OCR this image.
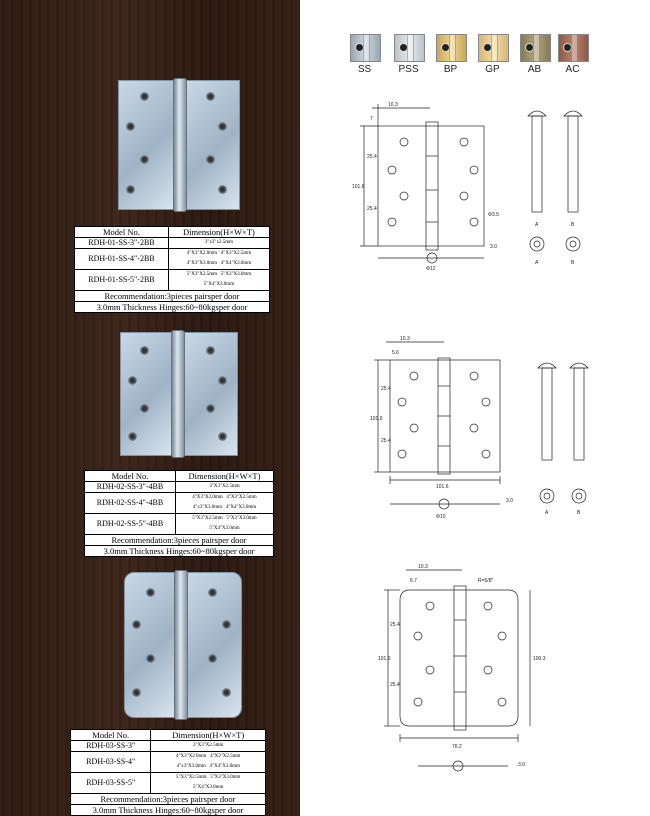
Model No.	Dimension(H×W×T)
RDH-01-SS-3"-2BB	3"x3"x2.5mm
RDH-01-SS-4"-2BB	4"X3"X2.0mm 4"X3"X2.5mm
4"X3"X3.0mm 4"X4"X3.0mm
RDH-01-SS-5"-2BB	5"X3"X2.5mm 5"X3"X3.0mm
5"X4"X3.0mm
Recommendation:3pieces pairsper door	
3.0mm Thickness Hinges:60~80kgsper door	
Model No.	Dimension(H×W×T)
RDH-02-SS-3"-4BB	3"X3"X2.5mm
RDH-02-SS-4"-4BB	4"X3"X2.0mm 4"X3"X2.5mm
4"x3"X3.0mm 4"X4"X3.0mm
RDH-02-SS-5"-4BB	5"X3"X2.5mm 5"X3"X3.0mm
5"X4"X3.0mm
Recommendation:3pieces pairsper door	
3.0mm Thickness Hinges:60~80kgsper door	
Model No.	Dimension(H×W×T)
RDH-03-SS-3"	3"X3"X2.5mm
RDH-03-SS-4"	4"X3"X2.0mm 4"X3"X2.5mm
4"x3"X3.0mm 4"X4"X3.0mm
RDH-03-SS-5"	5"X3"X2.5mm 5"X3"X3.0mm
5"X4"X3.0mm
Recommendation:3pieces pairsper door	
3.0mm Thickness Hinges:60~80kgsper door	
SS	PSS	BP	GP	AB	AC
10.3
101.6
25.4
25.4
7
Φ3.5
3.0
Φ12
A	B
A	B
10.3
5.6
101.6
25.4
25.4
101.6
Φ10
3.0
A	B
10.3
6.7	R=5/8"
101.6
25.4
25.4
100.3
76.2
3.0
